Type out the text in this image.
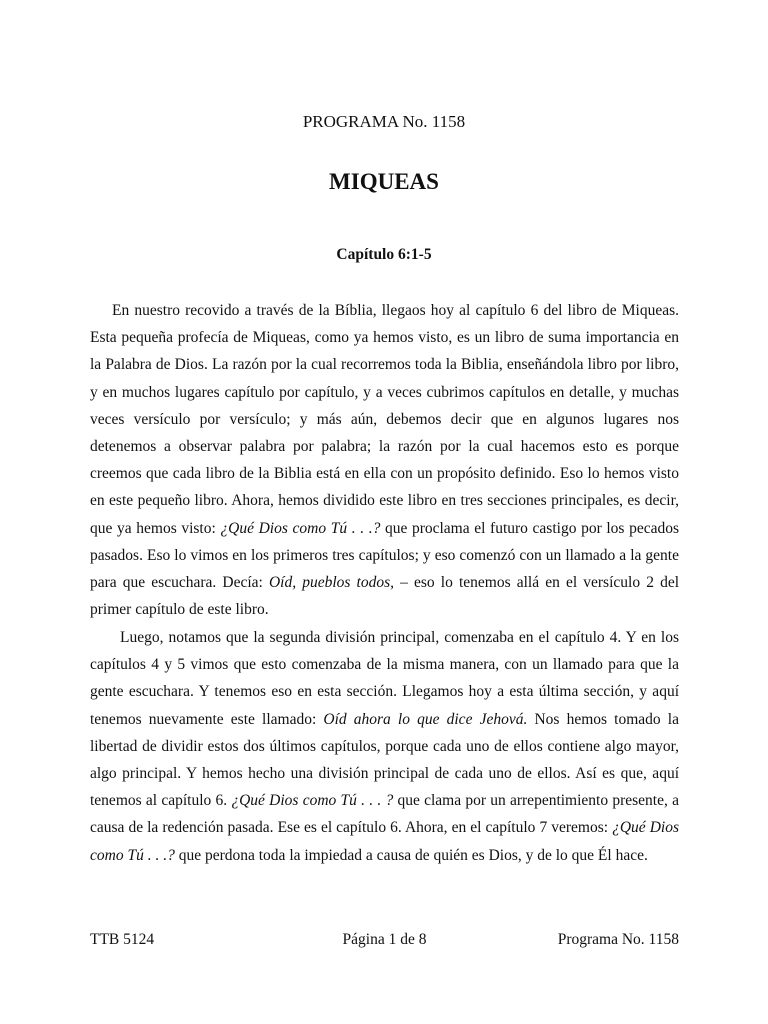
PROGRAMA No. 1158
MIQUEAS
Capítulo 6:1-5

En nuestro recovido a través de la Bíblia, llegaos hoy al capítulo 6 del libro de Miqueas. Esta pequeña profecía de Miqueas, como ya hemos visto, es un libro de suma importancia en la Palabra de Dios. La razón por la cual recorremos toda la Biblia, enseñándola libro por libro, y en muchos lugares capítulo por capítulo, y a veces cubrimos capítulos en detalle, y muchas veces versículo por versículo; y más aún, debemos decir que en algunos lugares nos detenemos a observar palabra por palabra; la razón por la cual hacemos esto es porque creemos que cada libro de la Biblia está en ella con un propósito definido. Eso lo hemos visto en este pequeño libro. Ahora, hemos dividido este libro en tres secciones principales, es decir, que ya hemos visto: ¿Qué Dios como Tú . . .? que proclama el futuro castigo por los pecados pasados. Eso lo vimos en los primeros tres capítulos; y eso comenzó con un llamado a la gente para que escuchara. Decía: Oíd, pueblos todos, – eso lo tenemos allá en el versículo 2 del primer capítulo de este libro.

Luego, notamos que la segunda división principal, comenzaba en el capítulo 4. Y en los capítulos 4 y 5 vimos que esto comenzaba de la misma manera, con un llamado para que la gente escuchara. Y tenemos eso en esta sección. Llegamos hoy a esta última sección, y aquí tenemos nuevamente este llamado: Oíd ahora lo que dice Jehová. Nos hemos tomado la libertad de dividir estos dos últimos capítulos, porque cada uno de ellos contiene algo mayor, algo principal. Y hemos hecho una división principal de cada uno de ellos. Así es que, aquí tenemos al capítulo 6. ¿Qué Dios como Tú . . . ? que clama por un arrepentimiento presente, a causa de la redención pasada. Ese es el capítulo 6. Ahora, en el capítulo 7 veremos: ¿Qué Dios como Tú . . .? que perdona toda la impiedad a causa de quién es Dios, y de lo que Él hace.

TTB 5124	Página 1 de 8	Programa No. 1158
